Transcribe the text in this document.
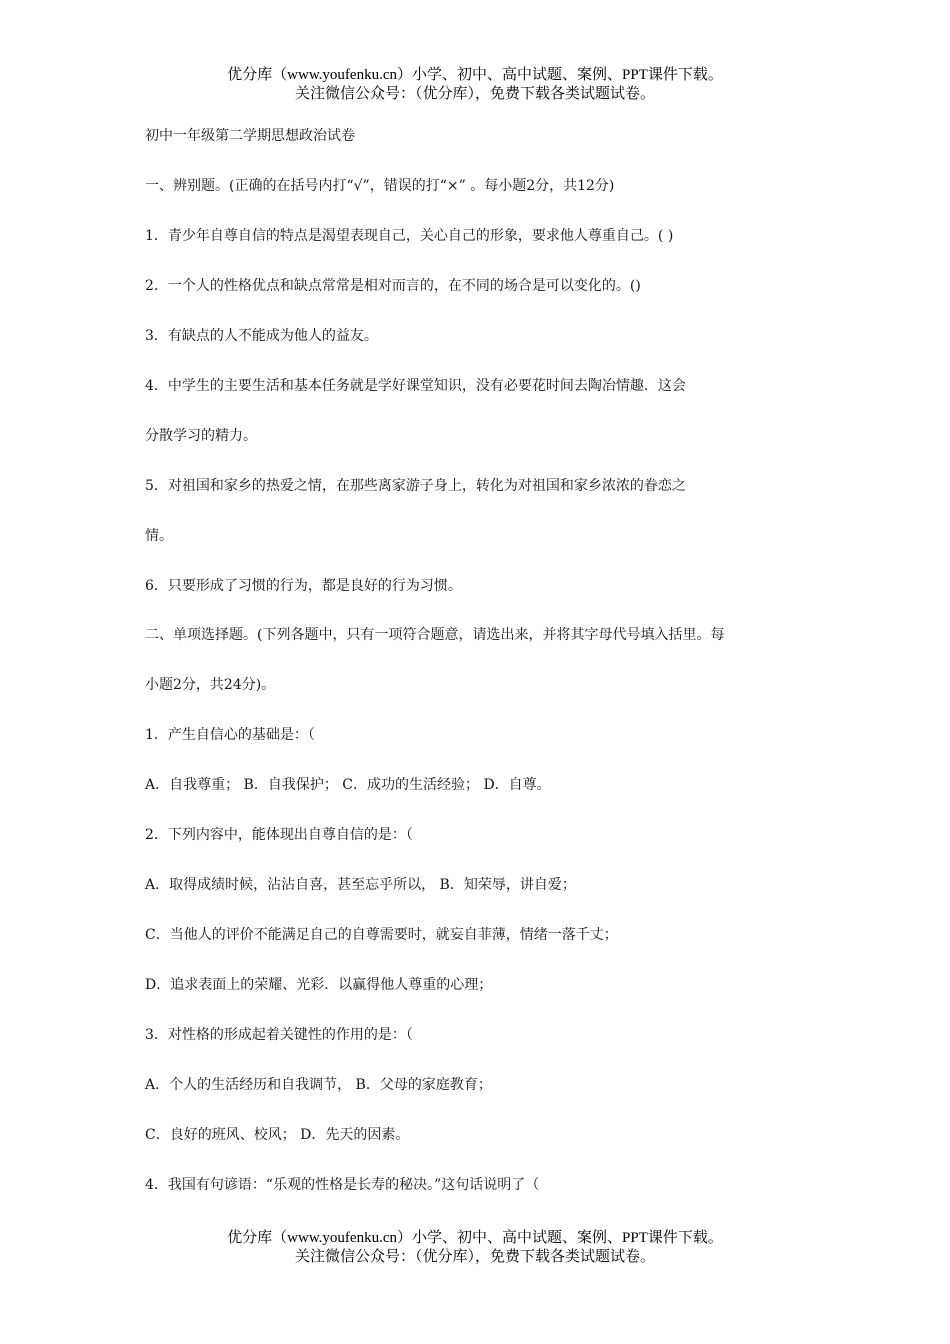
优分库（www.youfenku.cn）小学、初中、高中试题、案例、PPT课件下载。
关注微信公众号：（优分库），免费下载各类试题试卷。
初中一年级第二学期思想政治试卷
一、辨别题。(正确的在括号内打“√”，错误的打“×” 。每小题2分，共12分)
1．青少年自尊自信的特点是渴望表现自己，关心自己的形象，要求他人尊重自己。( )
2．一个人的性格优点和缺点常常是相对而言的，在不同的场合是可以变化的。()
3．有缺点的人不能成为他人的益友。
4．中学生的主要生活和基本任务就是学好课堂知识，没有必要花时间去陶冶情趣．这会
分散学习的精力。
5．对祖国和家乡的热爱之情，在那些离家游子身上，转化为对祖国和家乡浓浓的眷恋之
情。
6．只要形成了习惯的行为，都是良好的行为习惯。
二、单项选择题。(下列各题中，只有一项符合题意，请选出来，并将其字母代号填入括里。每
小题2分，共24分)。
1．产生自信心的基础是：（
A．自我尊重； B．自我保护； C．成功的生活经验； D．自尊。
2．下列内容中，能体现出自尊自信的是：（
A．取得成绩时候，沾沾自喜，甚至忘乎所以， B．知荣辱，讲自爱；
C．当他人的评价不能满足自己的自尊需要时，就妄自菲薄，情绪一落千丈；
D．追求表面上的荣耀、光彩．以赢得他人尊重的心理；
3．对性格的形成起着关键性的作用的是：（
A．个人的生活经历和自我调节， B．父母的家庭教育；
C．良好的班风、校风； D．先天的因素。
4．我国有句谚语：“乐观的性格是长寿的秘决。”这句话说明了（
优分库（www.youfenku.cn）小学、初中、高中试题、案例、PPT课件下载。
关注微信公众号：（优分库），免费下载各类试题试卷。
